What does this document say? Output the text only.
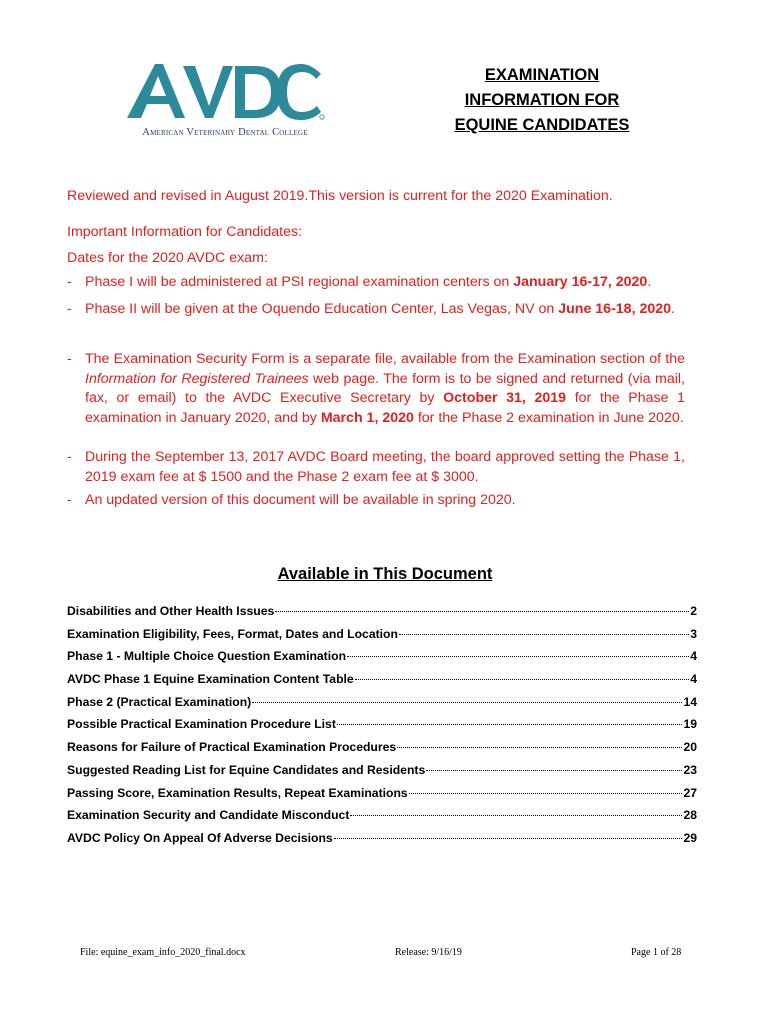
American Veterinary Dental College
EXAMINATION
INFORMATION FOR
EQUINE CANDIDATES
Reviewed and revised in August 2019.This version is current for the 2020 Examination.
Important Information for Candidates:
Dates for the 2020 AVDC exam:
- Phase I will be administered at PSI regional examination centers on January 16-17, 2020.
- Phase II will be given at the Oquendo Education Center, Las Vegas, NV on June 16-18, 2020.
- The Examination Security Form is a separate file, available from the Examination section of the Information for Registered Trainees web page. The form is to be signed and returned (via mail, fax, or email) to the AVDC Executive Secretary by October 31, 2019 for the Phase 1 examination in January 2020, and by March 1, 2020 for the Phase 2 examination in June 2020.
- During the September 13, 2017 AVDC Board meeting, the board approved setting the Phase 1, 2019 exam fee at $ 1500 and the Phase 2 exam fee at $ 3000.
- An updated version of this document will be available in spring 2020.
Available in This Document
Disabilities and Other Health Issues	2
Examination Eligibility, Fees, Format, Dates and Location	3
Phase 1 - Multiple Choice Question Examination	4
AVDC Phase 1 Equine Examination Content Table	4
Phase 2 (Practical Examination)	14
Possible Practical Examination Procedure List	19
Reasons for Failure of Practical Examination Procedures	20
Suggested Reading List for Equine Candidates and Residents	23
Passing Score, Examination Results, Repeat Examinations	27
Examination Security and Candidate Misconduct	28
AVDC Policy On Appeal Of Adverse Decisions	29
File: equine_exam_info_2020_final.docx	Release: 9/16/19	Page 1 of 28
